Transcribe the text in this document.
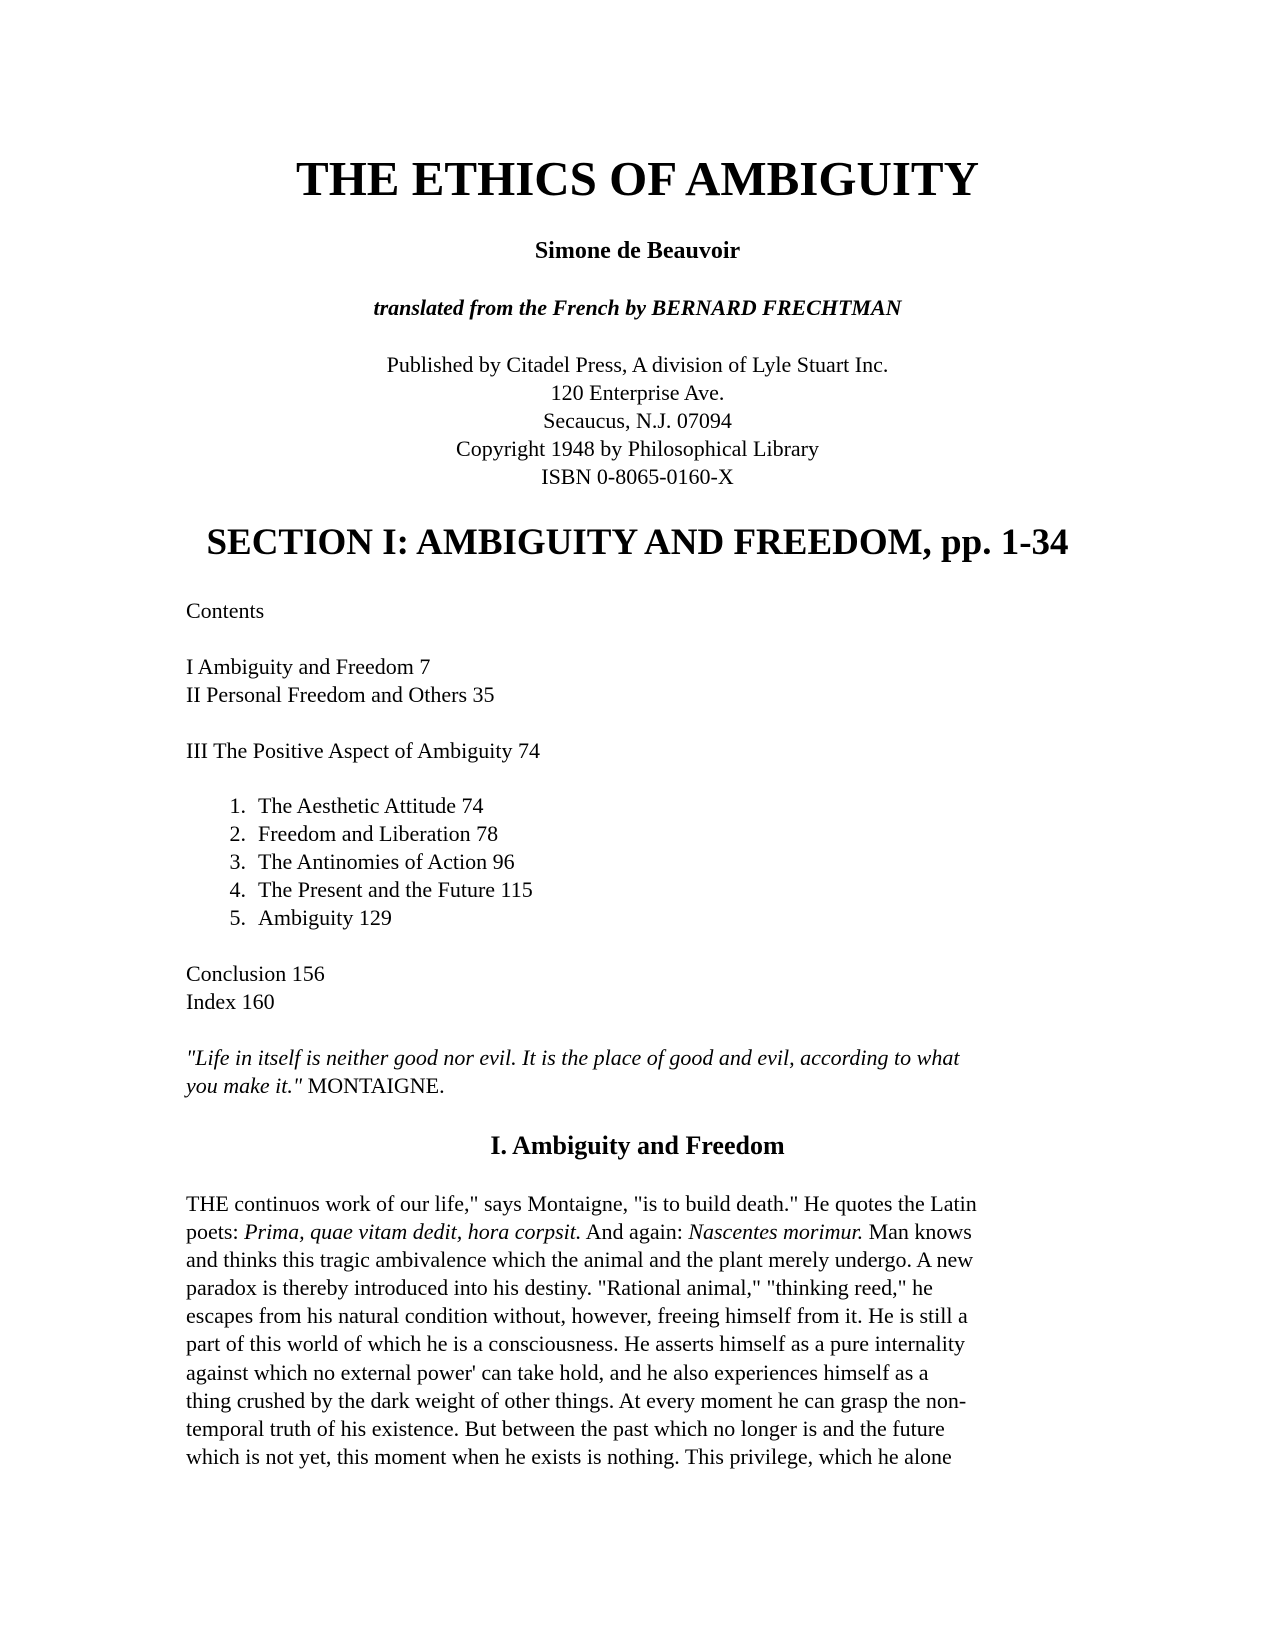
THE ETHICS OF AMBIGUITY
Simone de Beauvoir
translated from the French by BERNARD FRECHTMAN
Published by Citadel Press, A division of Lyle Stuart Inc.
120 Enterprise Ave.
Secaucus, N.J. 07094
Copyright 1948 by Philosophical Library
ISBN 0-8065-0160-X
SECTION I: AMBIGUITY AND FREEDOM, pp. 1-34
Contents
I Ambiguity and Freedom 7
II Personal Freedom and Others 35
III The Positive Aspect of Ambiguity 74
1. The Aesthetic Attitude 74
2. Freedom and Liberation 78
3. The Antinomies of Action 96
4. The Present and the Future 115
5. Ambiguity 129
Conclusion 156
Index 160
"Life in itself is neither good nor evil. It is the place of good and evil, according to what
you make it." MONTAIGNE.
I. Ambiguity and Freedom
THE continuos work of our life," says Montaigne, "is to build death." He quotes the Latin
poets: Prima, quae vitam dedit, hora corpsit. And again: Nascentes morimur. Man knows
and thinks this tragic ambivalence which the animal and the plant merely undergo. A new
paradox is thereby introduced into his destiny. "Rational animal," "thinking reed," he
escapes from his natural condition without, however, freeing himself from it. He is still a
part of this world of which he is a consciousness. He asserts himself as a pure internality
against which no external power' can take hold, and he also experiences himself as a
thing crushed by the dark weight of other things. At every moment he can grasp the non-
temporal truth of his existence. But between the past which no longer is and the future
which is not yet, this moment when he exists is nothing. This privilege, which he alone
